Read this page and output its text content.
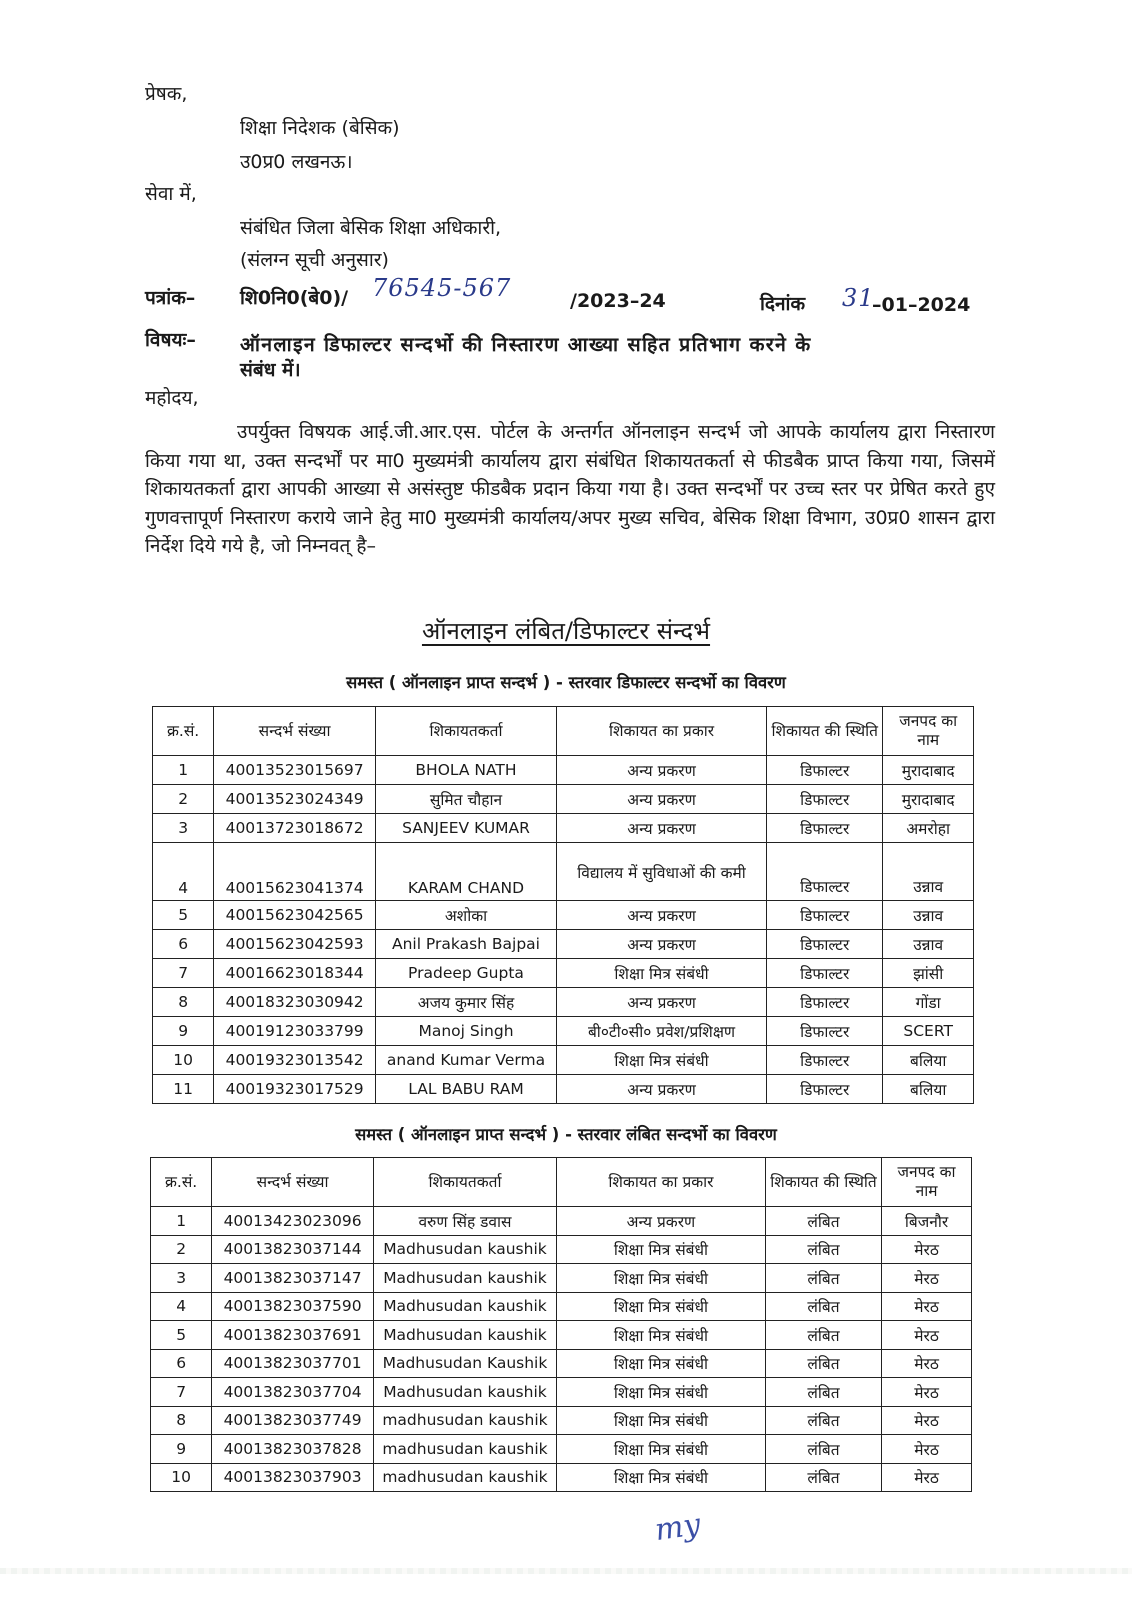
प्रेषक,
शिक्षा निदेशक (बेसिक)
उ0प्र0 लखनऊ।
सेवा में,
संबंधित जिला बेसिक शिक्षा अधिकारी,
(संलग्न सूची अनुसार)
पत्रांक– शि0नि0(बे0)/ 76545-567	/2023–24	दिनांक 31
–01–2024
विषयः– ऑनलाइन डिफाल्टर सन्दर्भो की निस्तारण आख्या सहित प्रतिभाग करने के
संबंध में।
महोदय,
उपर्युक्त विषयक आई.जी.आर.एस. पोर्टल के अन्तर्गत ऑनलाइन सन्दर्भ जो आपके कार्यालय द्वारा निस्तारण किया गया था, उक्त सन्दर्भों पर मा0 मुख्यमंत्री कार्यालय द्वारा संबंधित शिकायतकर्ता से फीडबैक प्राप्त किया गया, जिसमें शिकायतकर्ता द्वारा आपकी आख्या से असंस्तुष्ट फीडबैक प्रदान किया गया है। उक्त सन्दर्भों पर उच्च स्तर पर प्रेषित करते हुए गुणवत्तापूर्ण निस्तारण कराये जाने हेतु मा0 मुख्यमंत्री कार्यालय/अपर मुख्य सचिव, बेसिक शिक्षा विभाग, उ0प्र0 शासन द्वारा निर्देश दिये गये है, जो निम्नवत् है–
ऑनलाइन लंबित/डिफाल्टर संन्दर्भ
समस्त ( ऑनलाइन प्राप्त सन्दर्भ ) - स्तरवार डिफाल्टर सन्दर्भो का विवरण
क्र.सं.	सन्दर्भ संख्या	शिकायतकर्ता	शिकायत का प्रकार	शिकायत की स्थिति	जनपद का नाम
1	40013523015697	BHOLA NATH	अन्य प्रकरण	डिफाल्टर	मुरादाबाद
2	40013523024349	सुमित चौहान	अन्य प्रकरण	डिफाल्टर	मुरादाबाद
3	40013723018672	SANJEEV KUMAR	अन्य प्रकरण	डिफाल्टर	अमरोहा
4	40015623041374	KARAM CHAND	विद्यालय में सुविधाओं की कमी	डिफाल्टर	उन्नाव
5	40015623042565	अशोका	अन्य प्रकरण	डिफाल्टर	उन्नाव
6	40015623042593	Anil Prakash Bajpai	अन्य प्रकरण	डिफाल्टर	उन्नाव
7	40016623018344	Pradeep Gupta	शिक्षा मित्र संबंधी	डिफाल्टर	झांसी
8	40018323030942	अजय कुमार सिंह	अन्य प्रकरण	डिफाल्टर	गोंडा
9	40019123033799	Manoj Singh	बी०टी०सी० प्रवेश/प्रशिक्षण	डिफाल्टर	SCERT
10	40019323013542	anand Kumar Verma	शिक्षा मित्र संबंधी	डिफाल्टर	बलिया
11	40019323017529	LAL BABU RAM	अन्य प्रकरण	डिफाल्टर	बलिया
समस्त ( ऑनलाइन प्राप्त सन्दर्भ ) - स्तरवार लंबित सन्दर्भो का विवरण
क्र.सं.	सन्दर्भ संख्या	शिकायतकर्ता	शिकायत का प्रकार	शिकायत की स्थिति	जनपद का नाम
1	40013423023096	वरुण सिंह डवास	अन्य प्रकरण	लंबित	बिजनौर
2	40013823037144	Madhusudan kaushik	शिक्षा मित्र संबंधी	लंबित	मेरठ
3	40013823037147	Madhusudan kaushik	शिक्षा मित्र संबंधी	लंबित	मेरठ
4	40013823037590	Madhusudan kaushik	शिक्षा मित्र संबंधी	लंबित	मेरठ
5	40013823037691	Madhusudan kaushik	शिक्षा मित्र संबंधी	लंबित	मेरठ
6	40013823037701	Madhusudan Kaushik	शिक्षा मित्र संबंधी	लंबित	मेरठ
7	40013823037704	Madhusudan kaushik	शिक्षा मित्र संबंधी	लंबित	मेरठ
8	40013823037749	madhusudan kaushik	शिक्षा मित्र संबंधी	लंबित	मेरठ
9	40013823037828	madhusudan kaushik	शिक्षा मित्र संबंधी	लंबित	मेरठ
10	40013823037903	madhusudan kaushik	शिक्षा मित्र संबंधी	लंबित	मेरठ
my
